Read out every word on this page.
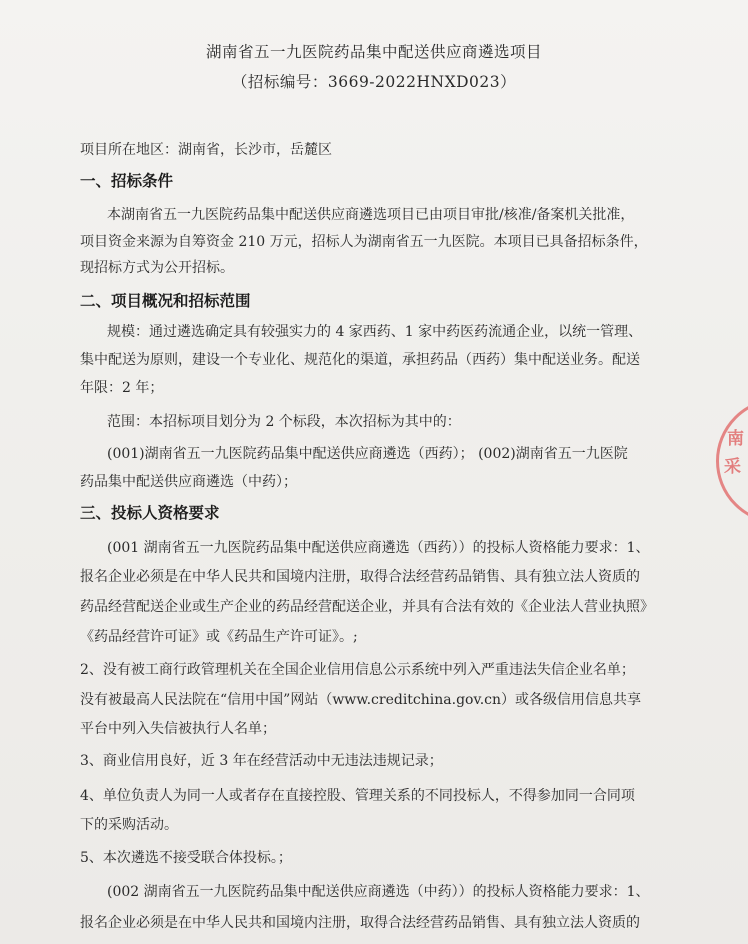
湖南省五一九医院药品集中配送供应商遴选项目
（招标编号：3669-2022HNXD023）
项目所在地区：湖南省，长沙市，岳麓区
一、招标条件
本湖南省五一九医院药品集中配送供应商遴选项目已由项目审批/核准/备案机关批准，
项目资金来源为自筹资金 210 万元，招标人为湖南省五一九医院。本项目已具备招标条件，
现招标方式为公开招标。
二、项目概况和招标范围
规模：通过遴选确定具有较强实力的 4 家西药、1 家中药医药流通企业，以统一管理、
集中配送为原则，建设一个专业化、规范化的渠道，承担药品（西药）集中配送业务。配送
年限：2 年；
范围：本招标项目划分为 2 个标段，本次招标为其中的：
(001)湖南省五一九医院药品集中配送供应商遴选（西药）； (002)湖南省五一九医院
药品集中配送供应商遴选（中药）；
三、投标人资格要求
(001 湖南省五一九医院药品集中配送供应商遴选（西药））的投标人资格能力要求：1、
报名企业必须是在中华人民共和国境内注册，取得合法经营药品销售、具有独立法人资质的
药品经营配送企业或生产企业的药品经营配送企业，并具有合法有效的《企业法人营业执照》
《药品经营许可证》或《药品生产许可证》。;
2、没有被工商行政管理机关在全国企业信用信息公示系统中列入严重违法失信企业名单；
没有被最高人民法院在“信用中国”网站（www.creditchina.gov.cn）或各级信用信息共享
平台中列入失信被执行人名单；
3、商业信用良好，近 3 年在经营活动中无违法违规记录；
4、单位负责人为同一人或者存在直接控股、管理关系的不同投标人，不得参加同一合同项
下的采购活动。
5、本次遴选不接受联合体投标。；
(002 湖南省五一九医院药品集中配送供应商遴选（中药））的投标人资格能力要求：1、
报名企业必须是在中华人民共和国境内注册，取得合法经营药品销售、具有独立法人资质的
南
采
